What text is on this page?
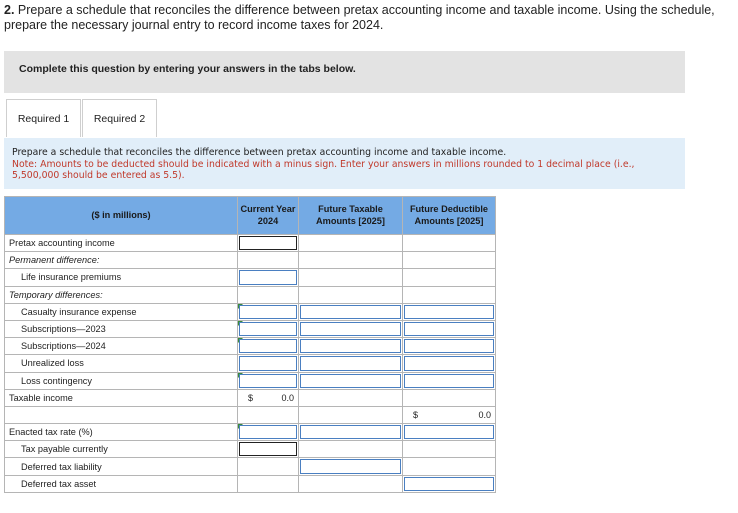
2. Prepare a schedule that reconciles the difference between pretax accounting income and taxable income. Using the schedule, prepare the necessary journal entry to record income taxes for 2024.
Complete this question by entering your answers in the tabs below.
Required 1	Required 2
Prepare a schedule that reconciles the difference between pretax accounting income and taxable income.
Note: Amounts to be deducted should be indicated with a minus sign. Enter your answers in millions rounded to 1 decimal place (i.e., 5,500,000 should be entered as 5.5).
($ in millions)	Current Year 2024	Future Taxable Amounts [2025]	Future Deductible Amounts [2025]
Pretax accounting income	

Permanent difference:			
Life insurance premiums	

Temporary differences:			
Casualty insurance expense	

Subscriptions—2023	

Subscriptions—2024	

Unrealized loss	

Loss contingency	

Taxable income	$ 0.0		

			$ 0.0

Enacted tax rate (%)	

Tax payable currently	

Deferred tax liability		

Deferred tax asset			
